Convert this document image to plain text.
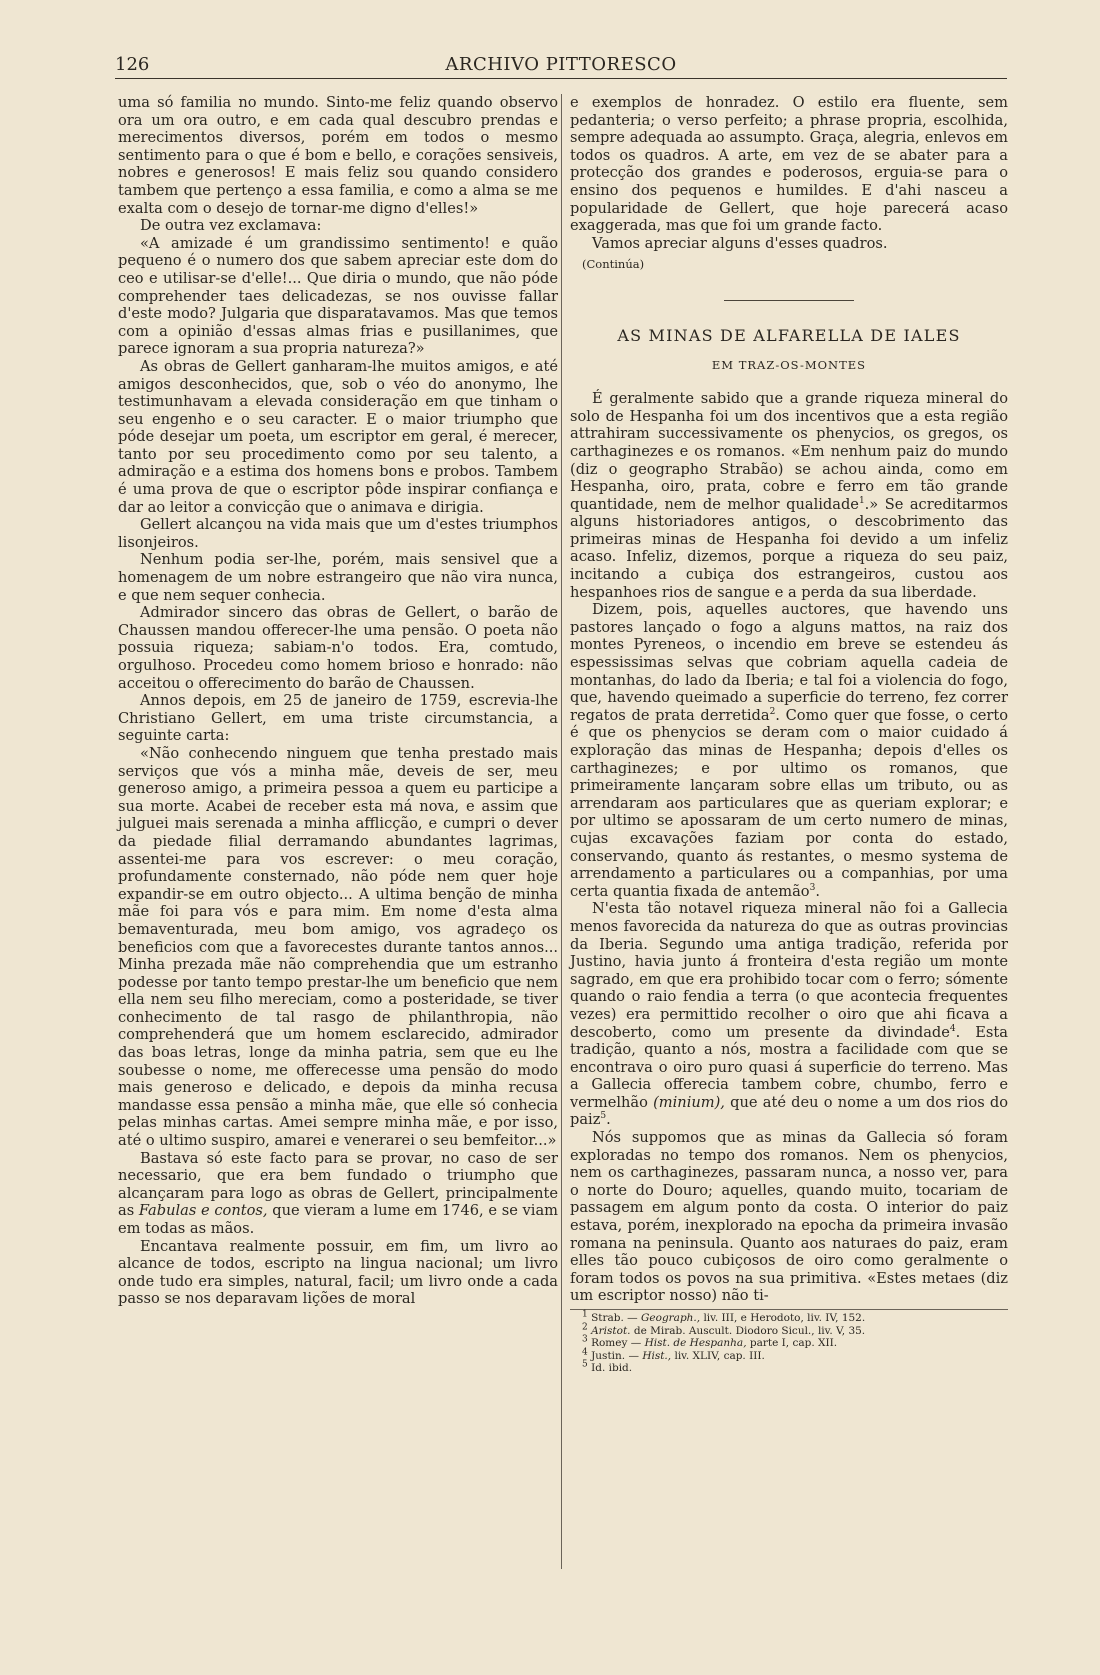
126	ARCHIVO PITTORESCO

uma só familia no mundo. Sinto-me feliz quando observo ora um ora outro, e em cada qual descubro prendas e merecimentos diversos, porém em todos o mesmo sentimento para o que é bom e bello, e corações sensiveis, nobres e generosos! E mais feliz sou quando considero tambem que pertenço a essa familia, e como a alma se me exalta com o desejo de tornar-me digno d'elles!»

De outra vez exclamava:

«A amizade é um grandissimo sentimento! e quão pequeno é o numero dos que sabem apreciar este dom do ceo e utilisar-se d'elle!... Que diria o mundo, que não póde comprehender taes delicadezas, se nos ouvisse fallar d'este modo? Julgaria que disparatavamos. Mas que temos com a opinião d'essas almas frias e pusillanimes, que parece ignoram a sua propria natureza?»

As obras de Gellert ganharam-lhe muitos amigos, e até amigos desconhecidos, que, sob o véo do anonymo, lhe testimunhavam a elevada consideração em que tinham o seu engenho e o seu caracter. E o maior triumpho que póde desejar um poeta, um escriptor em geral, é merecer, tanto por seu procedimento como por seu talento, a admiração e a estima dos homens bons e probos. Tambem é uma prova de que o escriptor pôde inspirar confiança e dar ao leitor a convicção que o animava e dirigia.

Gellert alcançou na vida mais que um d'estes triumphos lisonjeiros.

Nenhum podia ser-lhe, porém, mais sensivel que a homenagem de um nobre estrangeiro que não vira nunca, e que nem sequer conhecia.

Admirador sincero das obras de Gellert, o barão de Chaussen mandou offerecer-lhe uma pensão. O poeta não possuia riqueza; sabiam-n'o todos. Era, comtudo, orgulhoso. Procedeu como homem brioso e honrado: não acceitou o offerecimento do barão de Chaussen.

Annos depois, em 25 de janeiro de 1759, escrevia-lhe Christiano Gellert, em uma triste circumstancia, a seguinte carta:

«Não conhecendo ninguem que tenha prestado mais serviços que vós a minha mãe, deveis de ser, meu generoso amigo, a primeira pessoa a quem eu participe a sua morte. Acabei de receber esta má nova, e assim que julguei mais serenada a minha afflicção, e cumpri o dever da piedade filial derramando abundantes lagrimas, assentei-me para vos escrever: o meu coração, profundamente consternado, não póde nem quer hoje expandir-se em outro objecto... A ultima benção de minha mãe foi para vós e para mim. Em nome d'esta alma bemaventurada, meu bom amigo, vos agradeço os beneficios com que a favorecestes durante tantos annos... Minha prezada mãe não comprehendia que um estranho podesse por tanto tempo prestar-lhe um beneficio que nem ella nem seu filho mereciam, como a posteridade, se tiver conhecimento de tal rasgo de philanthropia, não comprehenderá que um homem esclarecido, admirador das boas letras, longe da minha patria, sem que eu lhe soubesse o nome, me offerecesse uma pensão do modo mais generoso e delicado, e depois da minha recusa mandasse essa pensão a minha mãe, que elle só conhecia pelas minhas cartas. Amei sempre minha mãe, e por isso, até o ultimo suspiro, amarei e venerarei o seu bemfeitor...»

Bastava só este facto para se provar, no caso de ser necessario, que era bem fundado o triumpho que alcançaram para logo as obras de Gellert, principalmente as Fabulas e contos, que vieram a lume em 1746, e se viam em todas as mãos.

Encantava realmente possuir, em fim, um livro ao alcance de todos, escripto na lingua nacional; um livro onde tudo era simples, natural, facil; um livro onde a cada passo se nos deparavam lições de moral

e exemplos de honradez. O estilo era fluente, sem pedanteria; o verso perfeito; a phrase propria, escolhida, sempre adequada ao assumpto. Graça, alegria, enlevos em todos os quadros. A arte, em vez de se abater para a protecção dos grandes e poderosos, erguia-se para o ensino dos pequenos e humildes. E d'ahi nasceu a popularidade de Gellert, que hoje parecerá acaso exaggerada, mas que foi um grande facto.

Vamos apreciar alguns d'esses quadros.

(Continúa)

AS MINAS DE ALFARELLA DE IALES

EM TRAZ-OS-MONTES

É geralmente sabido que a grande riqueza mineral do solo de Hespanha foi um dos incentivos que a esta região attrahiram successivamente os phenycios, os gregos, os carthaginezes e os romanos. «Em nenhum paiz do mundo (diz o geographo Strabão) se achou ainda, como em Hespanha, oiro, prata, cobre e ferro em tão grande quantidade, nem de melhor qualidade$^1$.» Se acreditarmos alguns historiadores antigos, o descobrimento das primeiras minas de Hespanha foi devido a um infeliz acaso. Infeliz, dizemos, porque a riqueza do seu paiz, incitando a cubiça dos estrangeiros, custou aos hespanhoes rios de sangue e a perda da sua liberdade.

Dizem, pois, aquelles auctores, que havendo uns pastores lançado o fogo a alguns mattos, na raiz dos montes Pyreneos, o incendio em breve se estendeu ás espessissimas selvas que cobriam aquella cadeia de montanhas, do lado da Iberia; e tal foi a violencia do fogo, que, havendo queimado a superficie do terreno, fez correr regatos de prata derretida$^2$. Como quer que fosse, o certo é que os phenycios se deram com o maior cuidado á exploração das minas de Hespanha; depois d'elles os carthaginezes; e por ultimo os romanos, que primeiramente lançaram sobre ellas um tributo, ou as arrendaram aos particulares que as queriam explorar; e por ultimo se apossaram de um certo numero de minas, cujas excavações faziam por conta do estado, conservando, quanto ás restantes, o mesmo systema de arrendamento a particulares ou a companhias, por uma certa quantia fixada de antemão$^3$.

N'esta tão notavel riqueza mineral não foi a Gallecia menos favorecida da natureza do que as outras provincias da Iberia. Segundo uma antiga tradição, referida por Justino, havia junto á fronteira d'esta região um monte sagrado, em que era prohibido tocar com o ferro; sómente quando o raio fendia a terra (o que acontecia frequentes vezes) era permittido recolher o oiro que ahi ficava a descoberto, como um presente da divindade$^4$. Esta tradição, quanto a nós, mostra a facilidade com que se encontrava o oiro puro quasi á superficie do terreno. Mas a Gallecia offerecia tambem cobre, chumbo, ferro e vermelhão (minium), que até deu o nome a um dos rios do paiz$^5$.

Nós suppomos que as minas da Gallecia só foram exploradas no tempo dos romanos. Nem os phenycios, nem os carthaginezes, passaram nunca, a nosso ver, para o norte do Douro; aquelles, quando muito, tocariam de passagem em algum ponto da costa. O interior do paiz estava, porém, inexplorado na epocha da primeira invasão romana na peninsula. Quanto aos naturaes do paiz, eram elles tão pouco cubiçosos de oiro como geralmente o foram todos os povos na sua primitiva. «Estes metaes (diz um escriptor nosso) não ti-

$^1$ Strab. — Geograph., liv. III, e Herodoto, liv. IV, 152.
$^2$ Aristot. de Mirab. Auscult. Diodoro Sicul., liv. V, 35.
$^3$ Romey — Hist. de Hespanha, parte I, cap. XII.
$^4$ Justin. — Hist., liv. XLIV, cap. III.
$^5$ Id. ibid.
